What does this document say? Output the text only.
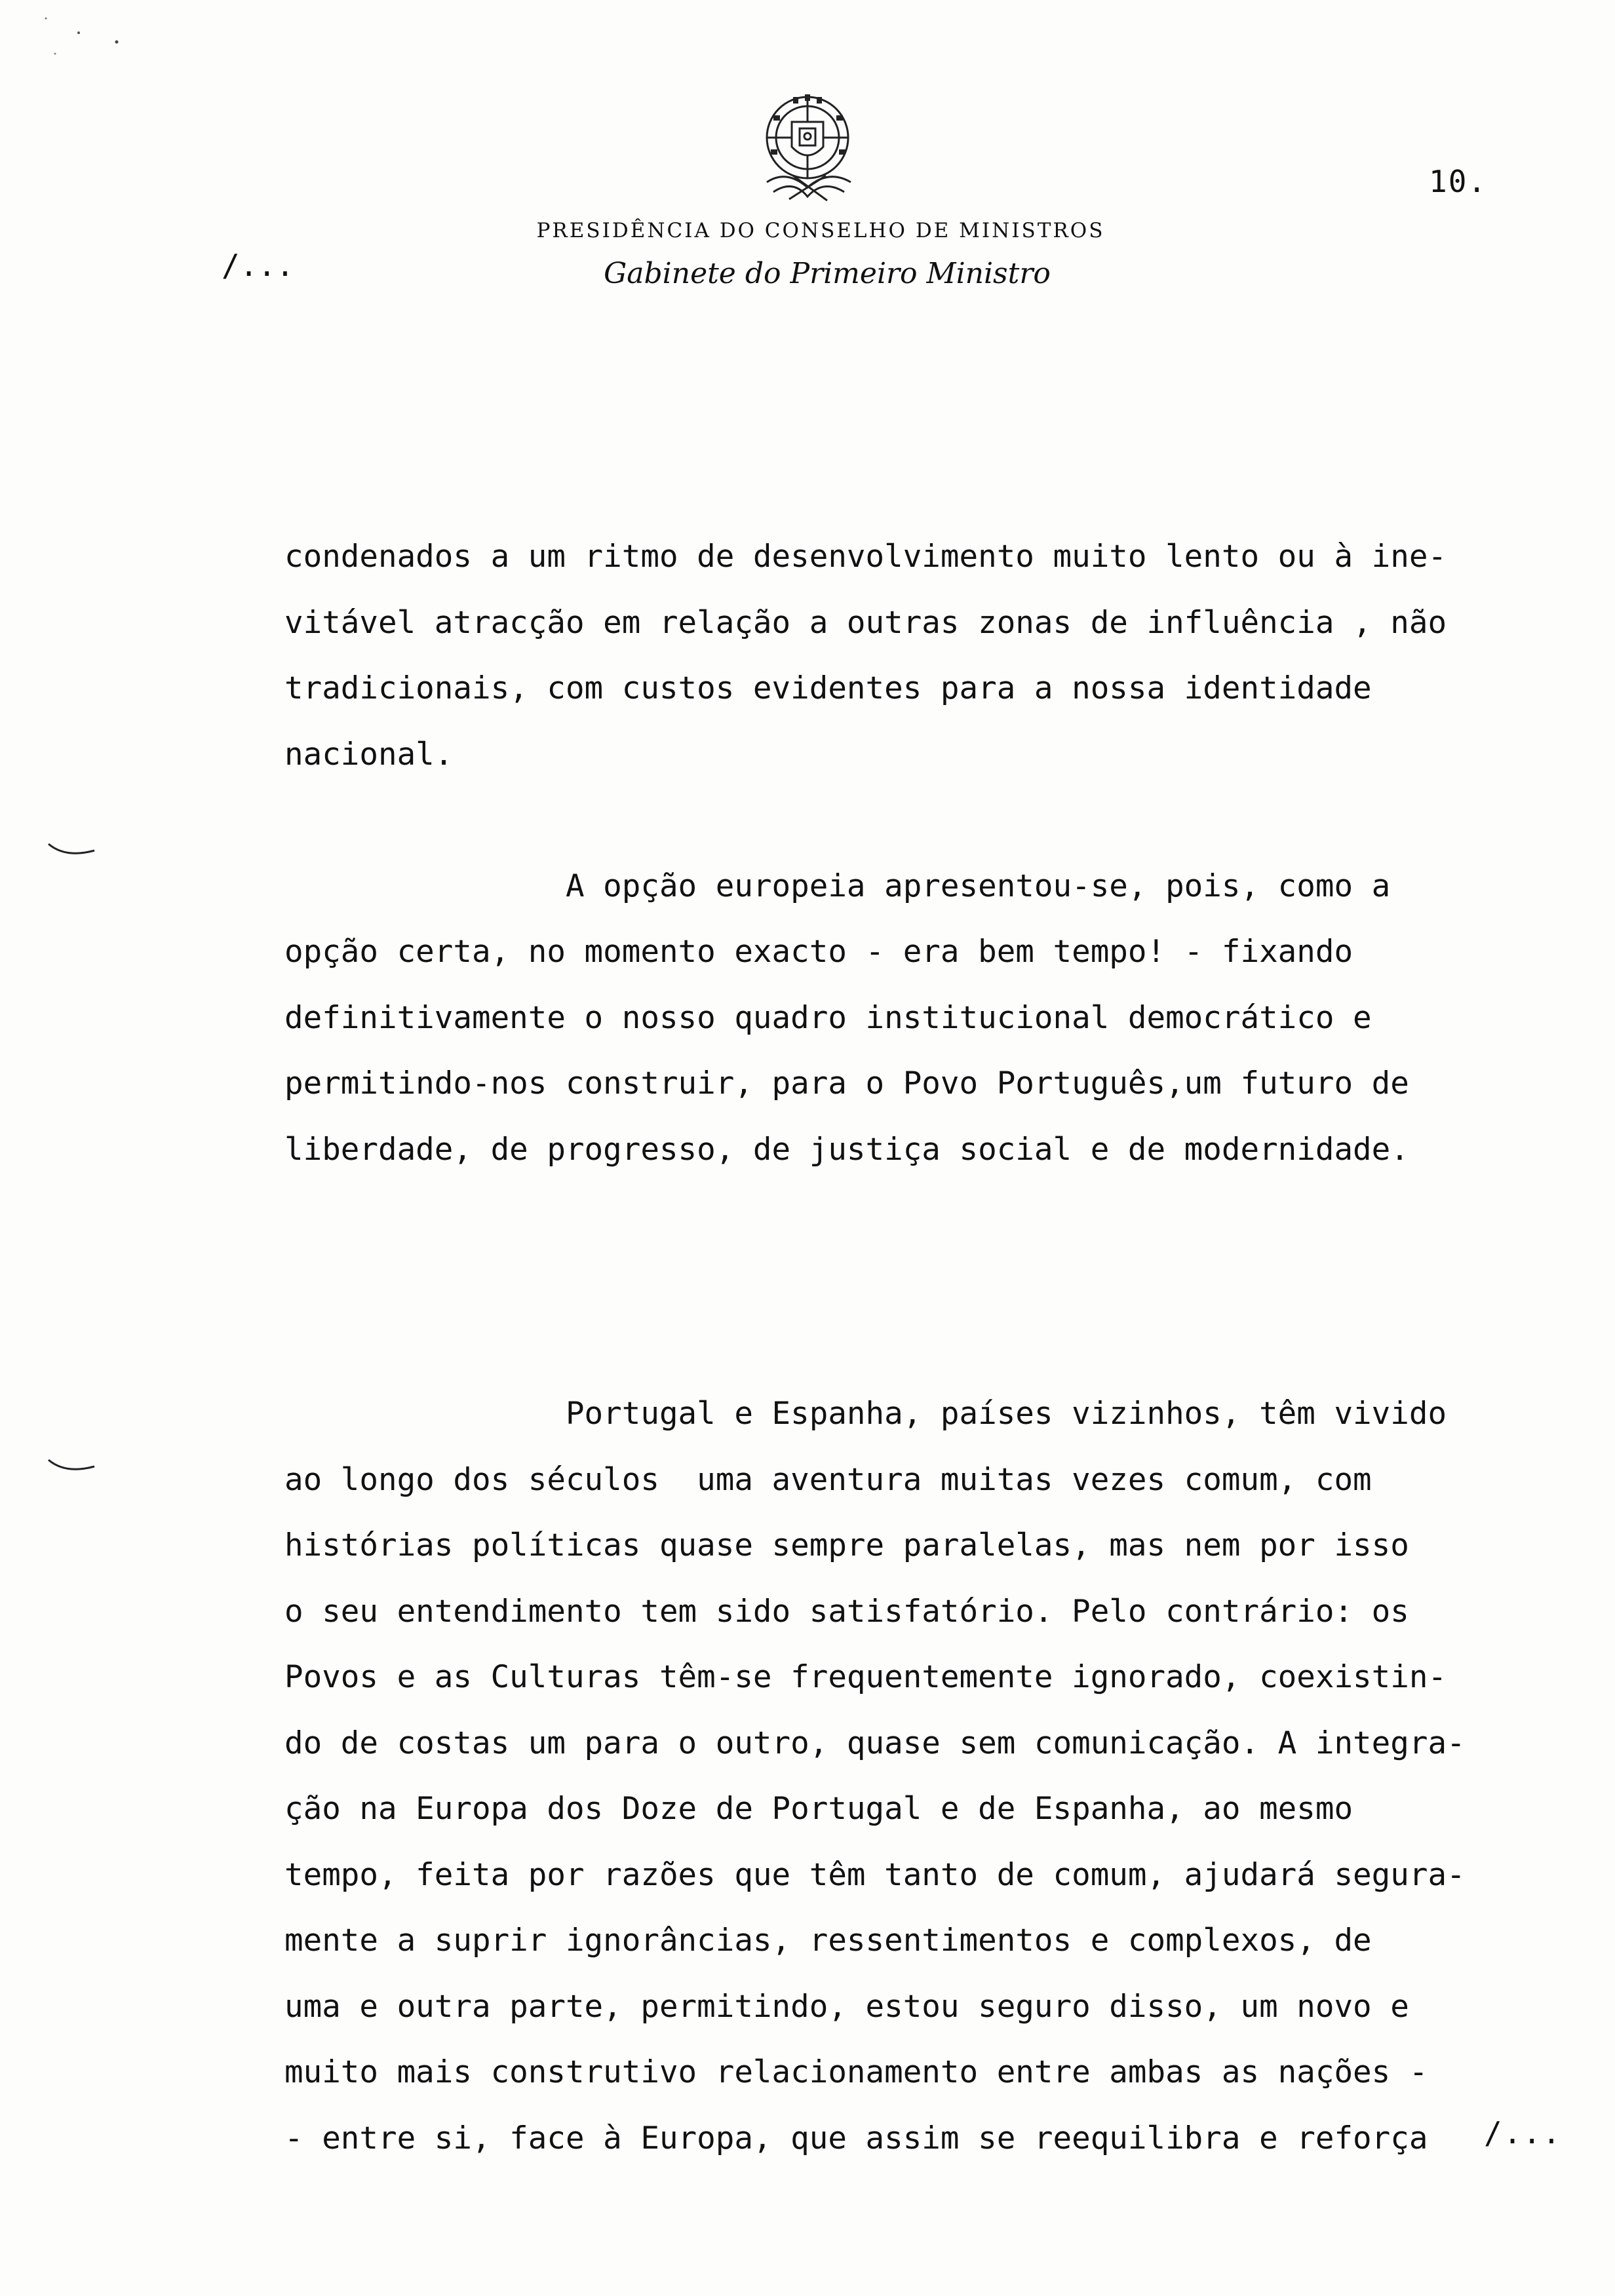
10.
/...
PRESIDÊNCIA DO CONSELHO DE MINISTROS
Gabinete do Primeiro Ministro
condenados a um ritmo de desenvolvimento muito lento ou à ine-
vitável atracção em relação a outras zonas de influência , não
tradicionais, com custos evidentes para a nossa identidade
nacional.
A opção europeia apresentou-se, pois, como a
opção certa, no momento exacto - era bem tempo! - fixando
definitivamente o nosso quadro institucional democrático e
permitindo-nos construir, para o Povo Português,um futuro de
liberdade, de progresso, de justiça social e de modernidade.
Portugal e Espanha, países vizinhos, têm vivido
ao longo dos séculos  uma aventura muitas vezes comum, com
histórias políticas quase sempre paralelas, mas nem por isso
o seu entendimento tem sido satisfatório. Pelo contrário: os
Povos e as Culturas têm-se frequentemente ignorado, coexistin-
do de costas um para o outro, quase sem comunicação. A integra-
ção na Europa dos Doze de Portugal e de Espanha, ao mesmo
tempo, feita por razões que têm tanto de comum, ajudará segura-
mente a suprir ignorâncias, ressentimentos e complexos, de
uma e outra parte, permitindo, estou seguro disso, um novo e
muito mais construtivo relacionamento entre ambas as nações -
- entre si, face à Europa, que assim se reequilibra e reforça	/...
